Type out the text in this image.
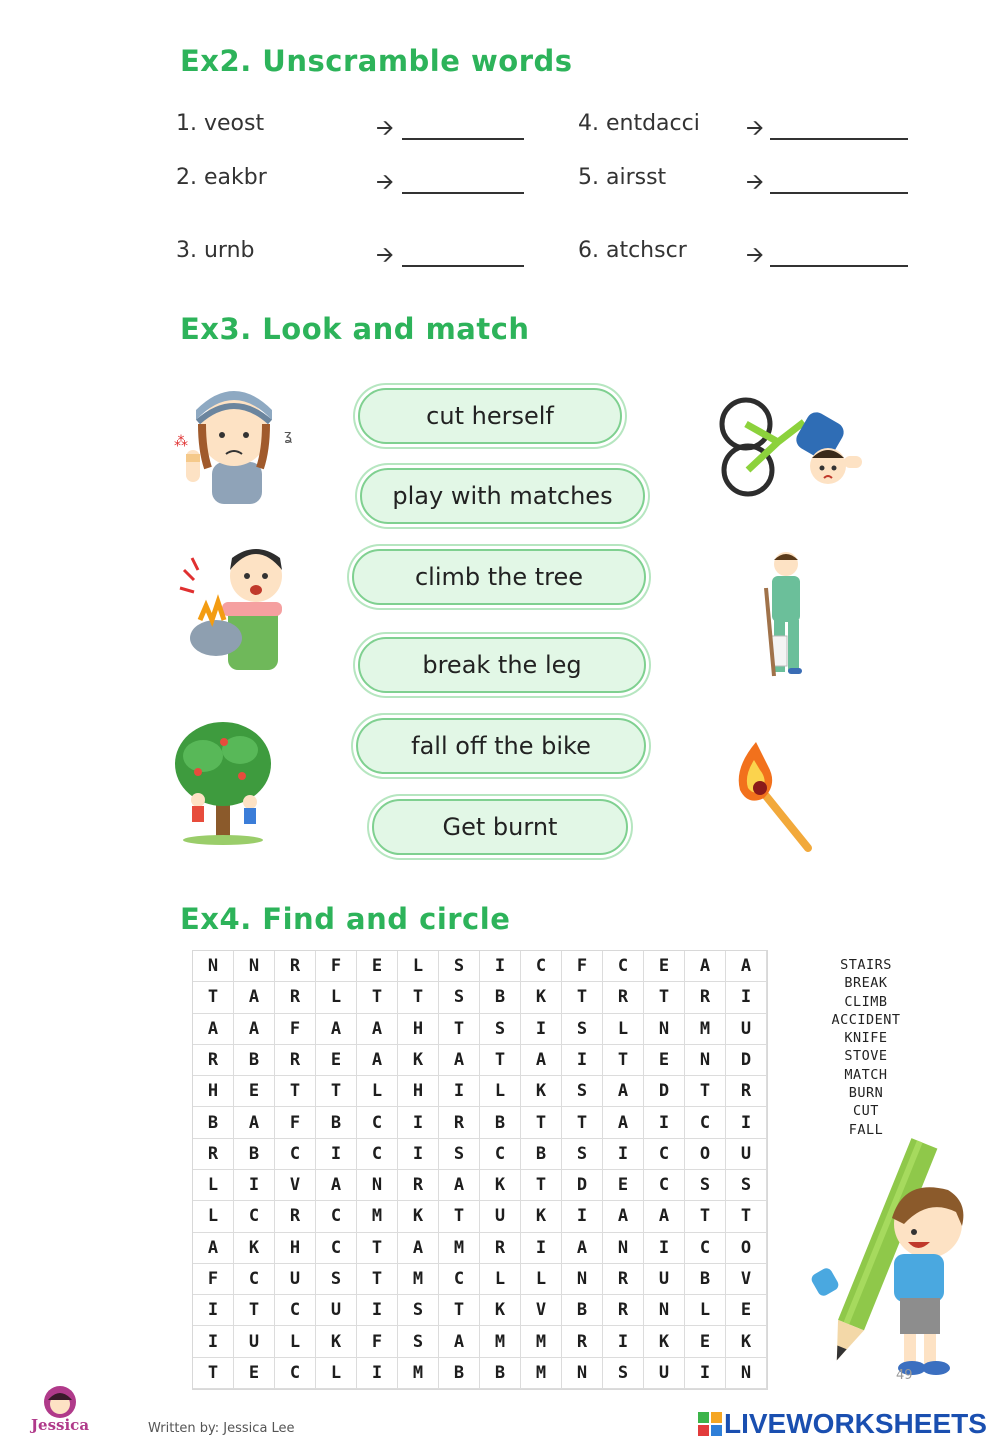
Ex2. Unscramble words
1. veost	🡪
2. eakbr	🡪
3. urnb	🡪
4. entdacci 🡪
5. airsst	🡪
6. atchscr	🡪
Ex3. Look and match
⁂	ʓ
cut herself
play with matches
climb the tree
break the leg
fall off the bike
Get burnt
Ex4. Find and circle
N	N	R	F	E	L	S	I	C	F	C	E	A	A
T	A	R	L	T	T	S	B	K	T	R	T	R	I
A	A	F	A	A	H	T	S	I	S	L	N	M	U
R	B	R	E	A	K	A	T	A	I	T	E	N	D
H	E	T	T	L	H	I	L	K	S	A	D	T	R
B	A	F	B	C	I	R	B	T	T	A	I	C	I
R	B	C	I	C	I	S	C	B	S	I	C	O	U
L	I	V	A	N	R	A	K	T	D	E	C	S	S
L	C	R	C	M	K	T	U	K	I	A	A	T	T
A	K	H	C	T	A	M	R	I	A	N	I	C	O
F	C	U	S	T	M	C	L	L	N	R	U	B	V
I	T	C	U	I	S	T	K	V	B	R	N	L	E
I	U	L	K	F	S	A	M	M	R	I	K	E	K
T	E	C	L	I	M	B	B	M	N	S	U	I	N
STAIRS
BREAK
CLIMB
ACCIDENT
KNIFE
STOVE
MATCH
BURN
CUT
FALL
49
Jessica	Written by: Jessica Lee	LIVEWORKSHEETS
